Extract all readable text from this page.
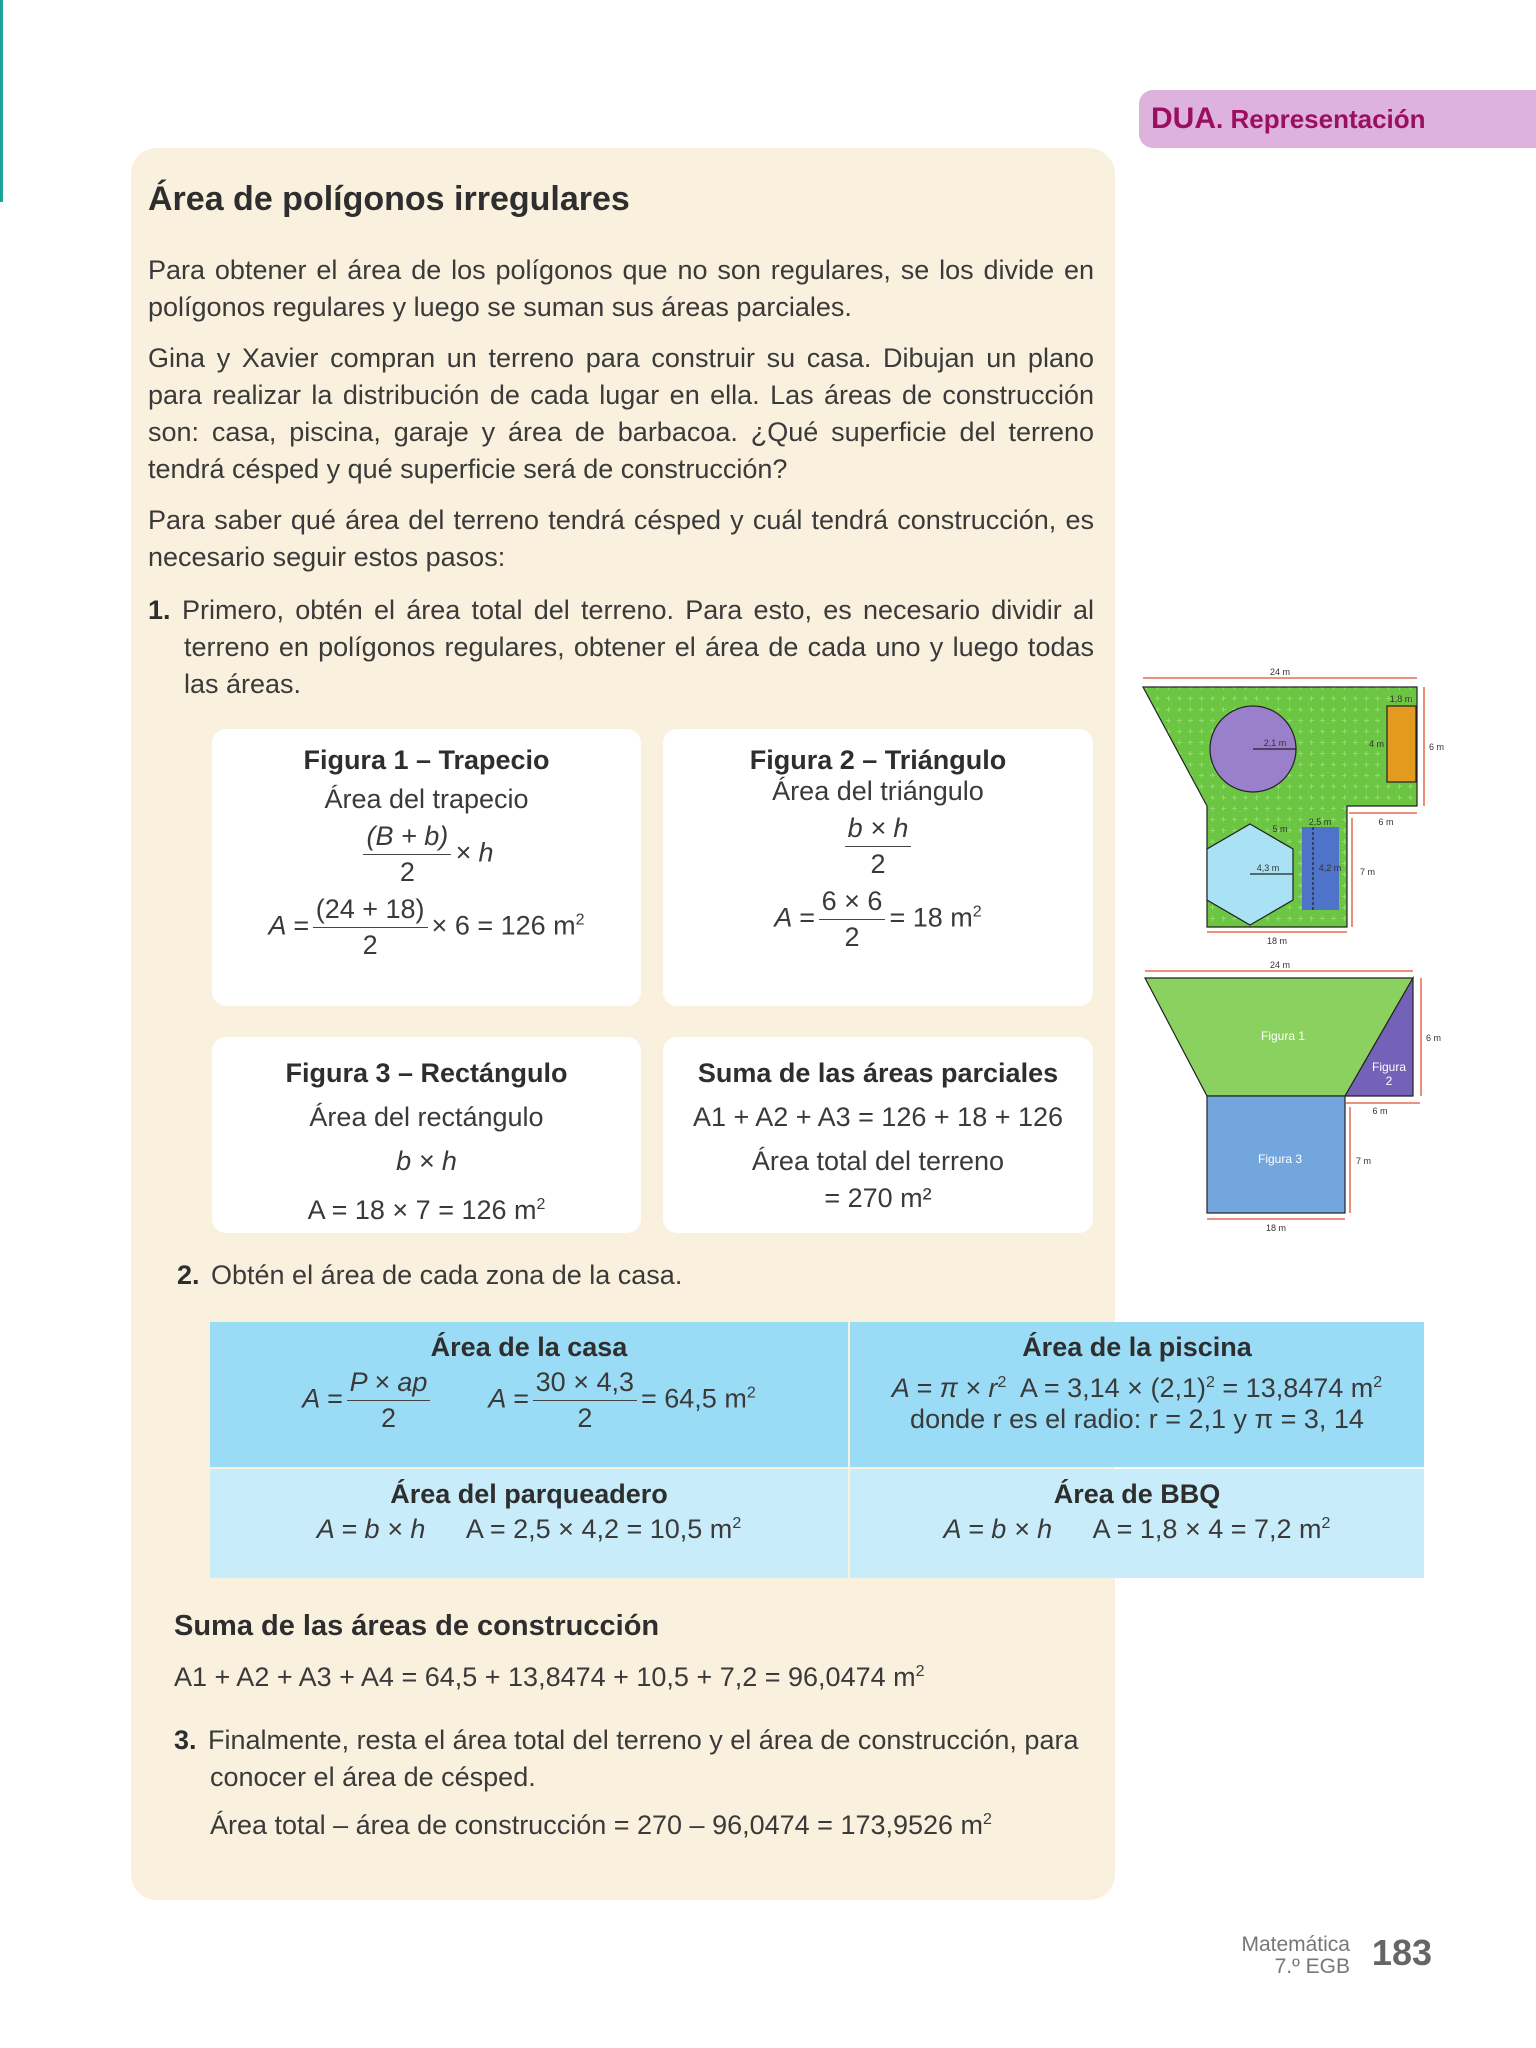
DUA. Representación
Área de polígonos irregulares
Para obtener el área de los polígonos que no son regulares, se los divide en polígonos regulares y luego se suman sus áreas parciales.
Gina y Xavier compran un terreno para construir su casa. Dibujan un plano para realizar la distribución de cada lugar en ella. Las áreas de construcción son: casa, piscina, garaje y área de barbacoa. ¿Qué superficie del terreno tendrá césped y qué superficie será de construcción?
Para saber qué área del terreno tendrá césped y cuál tendrá construcción, es necesario seguir estos pasos:
1. Primero, obtén el área total del terreno. Para esto, es necesario dividir al terreno en polígonos regulares, obtener el área de cada uno y luego todas las áreas.
Figura 1 – Trapecio
Área del trapecio
$\frac{(B + b)}{2} \times h$
$A = \frac{(24 + 18)}{2} \times 6 = 126$ $m^2$
Figura 2 – Triángulo
Área del triángulo
$\frac{b \times h}{2}$
$A = \frac{6 \times 6}{2} = 18$ $m^2$
Figura 3 – Rectángulo
Área del rectángulo
b × h
A = 18 × 7 = 126 $m^2$
Suma de las áreas parciales
A1 + A2 + A3 = 126 + 18 + 126
Área total del terreno
= 270 m²
2. Obtén el área de cada zona de la casa.
Área de la casa
$A = \frac{P \times ap}{2}$
   $A = \frac{30 \times 4,3}{2} = 64,5$ $m^2$
Área de la piscina
$A = \pi \times r^2$  $A = 3,14 \times (2,1)^2 = 13,8474$ $m^2$
donde r es el radio: r = 2,1 y π = 3, 14
Área del parqueadero
A = b × h   A = 2,5 × 4,2 = 10,5 $m^2$
Área de BBQ
A = b × h   A = 1,8 × 4 = 7,2 $m^2$
Suma de las áreas de construcción
A1 + A2 + A3 + A4 = 64,5 + 13,8474 + 10,5 + 7,2 = 96,0474 $m^2$
3. Finalmente, resta el área total del terreno y el área de construcción, para conocer el área de césped.
Área total – área de construcción = 270 – 96,0474 = 173,9526 $m^2$
24 m
1,8 m
4 m	6 m
2,1 m
4,3 m
5 m
2,5 m
4,2 m
6 m
7 m
18 m
24 m
6 m
6 m
7 m
18 m
Figura 1
Figura
2
Figura 3
Matemática
7.º EGB 183
